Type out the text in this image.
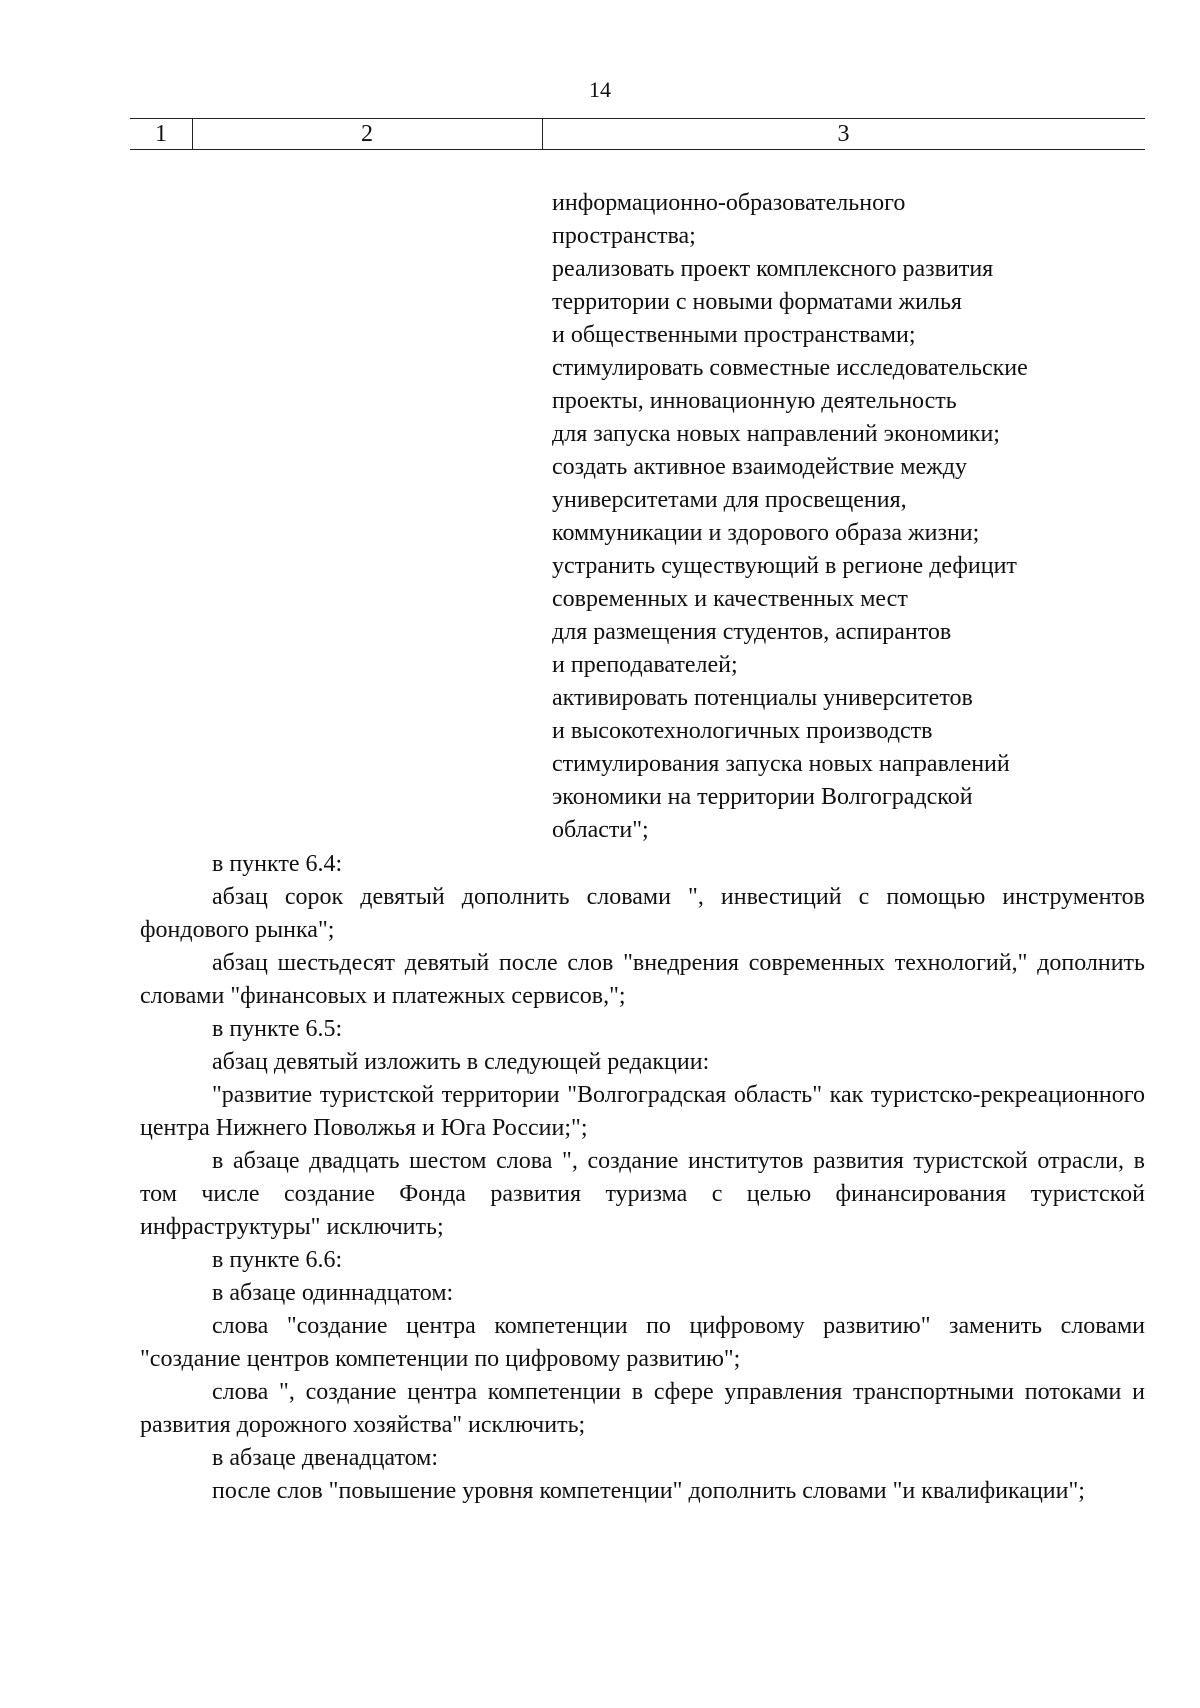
14
1	2	3
информационно-образовательного
пространства;
реализовать проект комплексного развития
территории с новыми форматами жилья
и общественными пространствами;
стимулировать совместные исследовательские
проекты, инновационную деятельность
для запуска новых направлений экономики;
создать активное взаимодействие между
университетами для просвещения,
коммуникации и здорового образа жизни;
устранить существующий в регионе дефицит
современных и качественных мест
для размещения студентов, аспирантов
и преподавателей;
активировать потенциалы университетов
и высокотехнологичных производств
стимулирования запуска новых направлений
экономики на территории Волгоградской
области";

в пункте 6.4:

абзац сорок девятый дополнить словами ", инвестиций с помощью инструментов фондового рынка";

абзац шестьдесят девятый после слов "внедрения современных технологий," дополнить словами "финансовых и платежных сервисов,";

в пункте 6.5:

абзац девятый изложить в следующей редакции:

"развитие туристской территории "Волгоградская область" как туристско-рекреационного центра Нижнего Поволжья и Юга России;";

в абзаце двадцать шестом слова ", создание институтов развития туристской отрасли, в том числе создание Фонда развития туризма с целью финансирования туристской инфраструктуры" исключить;

в пункте 6.6:

в абзаце одиннадцатом:

слова "создание центра компетенции по цифровому развитию" заменить словами "создание центров компетенции по цифровому развитию";

слова ", создание центра компетенции в сфере управления транспортными потоками и развития дорожного хозяйства" исключить;

в абзаце двенадцатом:

после слов "повышение уровня компетенции" дополнить словами "и квалификации";
